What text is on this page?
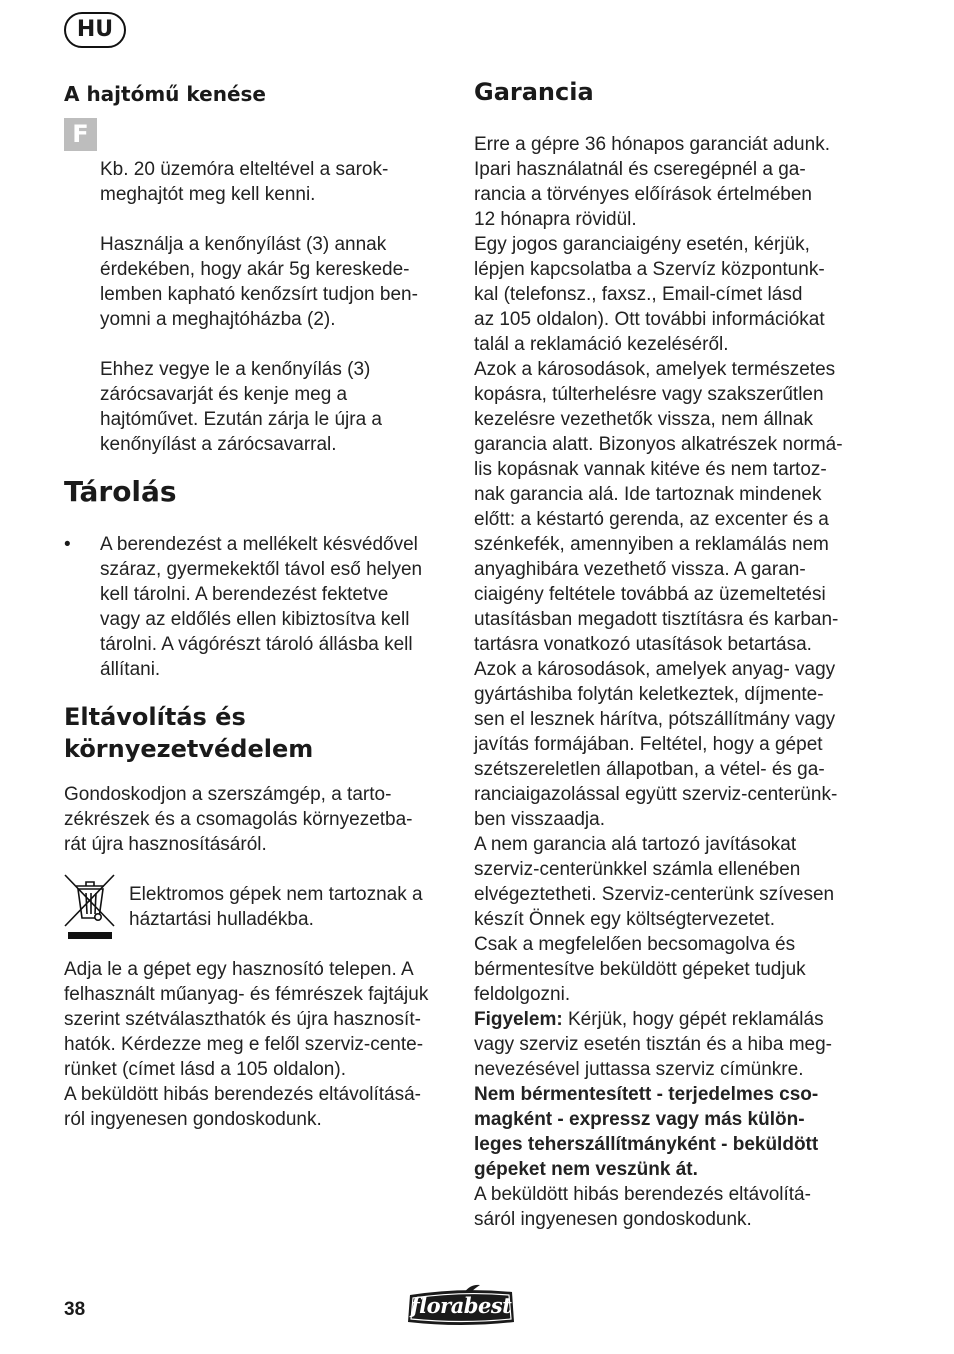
HU
A hajtómű kenése
F
Kb. 20 üzemóra elteltével a sarok-
meghajtót meg kell kenni.
Használja a kenőnyílást (3) annak
érdekében, hogy akár 5g kereskede-
lemben kapható kenőzsírt tudjon ben-
yomni a meghajtóházba (2).
Ehhez vegye le a kenőnyílás (3)
zárócsavarját és kenje meg a
hajtóművet. Ezután zárja le újra a
kenőnyílást a zárócsavarral.
Tárolás
• A berendezést a mellékelt késvédővel
száraz, gyermekektől távol eső helyen
kell tárolni. A berendezést fektetve
vagy az eldőlés ellen kibiztosítva kell
tárolni. A vágórészt tároló állásba kell
állítani.
Eltávolítás és
környezetvédelem
Gondoskodjon a szerszámgép, a tarto-
zékrészek és a csomagolás környezetba-
rát újra hasznosításáról.
Elektromos gépek nem tartoznak a
háztartási hulladékba.
Adja le a gépet egy hasznosító telepen. A
felhasznált műanyag- és fémrészek fajtájuk
szerint szétválaszthatók és újra hasznosít-
hatók. Kérdezze meg e felől szerviz-cente-
rünket (címet lásd a 105 oldalon).
A beküldött hibás berendezés eltávolításá-
ról ingyenesen gondoskodunk.
Garancia
Erre a gépre 36 hónapos garanciát adunk.
Ipari használatnál és cseregépnél a ga-
rancia a törvényes előírások értelmében
12 hónapra rövidül.
Egy jogos garanciaigény esetén, kérjük,
lépjen kapcsolatba a Szervíz központunk-
kal (telefonsz., faxsz., Email-címet lásd
az 105 oldalon). Ott további információkat
talál a reklamáció kezeléséről.
Azok a károsodások, amelyek természetes
kopásra, túlterhelésre vagy szakszerűtlen
kezelésre vezethetők vissza, nem állnak
garancia alatt. Bizonyos alkatrészek normá-
lis kopásnak vannak kitéve és nem tartoz-
nak garancia alá. Ide tartoznak mindenek
előtt: a késtartó gerenda, az excenter és a
szénkefék, amennyiben a reklamálás nem
anyaghibára vezethető vissza. A garan-
ciaigény feltétele továbbá az üzemeltetési
utasításban megadott tisztításra és karban-
tartásra vonatkozó utasítások betartása.
Azok a károsodások, amelyek anyag- vagy
gyártáshiba folytán keletkeztek, díjmente-
sen el lesznek hárítva, pótszállítmány vagy
javítás formájában. Feltétel, hogy a gépet
szétszereletlen állapotban, a vétel- és ga-
ranciaigazolással együtt szerviz-centerünk-
ben visszaadja.
A nem garancia alá tartozó javításokat
szerviz-centerünkkel számla ellenében
elvégeztetheti. Szerviz-centerünk szívesen
készít Önnek egy költségtervezetet.
Csak a megfelelően becsomagolva és
bérmentesítve beküldött gépeket tudjuk
feldolgozni.
Figyelem: Kérjük, hogy gépét reklamálás
vagy szerviz esetén tisztán és a hiba meg-
nevezésével juttassa szerviz címünkre.
Nem bérmentesített - terjedelmes cso-
magként - expressz vagy más külön-
leges teherszállítmányként - beküldött
gépeket nem veszünk át.
A beküldött hibás berendezés eltávolítá-
sáról ingyenesen gondoskodunk.
38	florabest
